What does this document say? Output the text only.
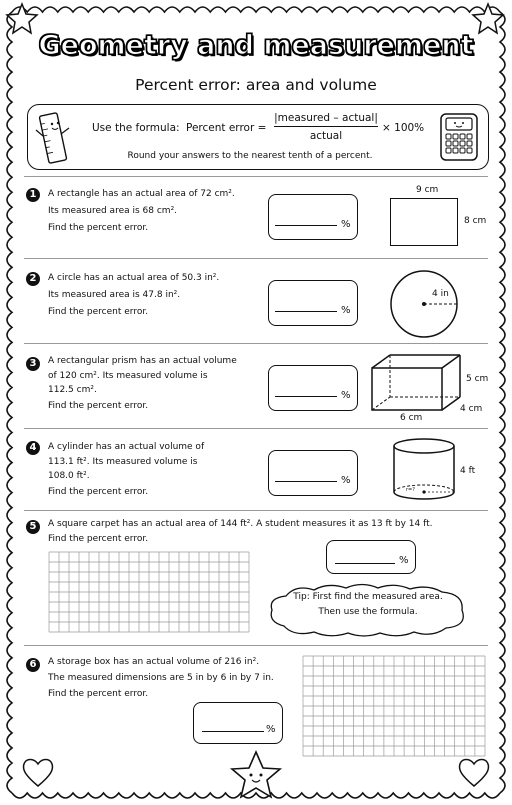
Geometry and measurement
Percent error: area and volume
Use the formula: Percent error =
|measured – actual|
actual
× 100%
Round your answers to the nearest tenth of a percent.
1	A rectangle has an actual area of 72 cm².
Its measured area is 68 cm².
Find the percent error.	%
9 cm
8 cm
2	A circle has an actual area of 50.3 in².
Its measured area is 47.8 in².
Find the percent error.	%
4 in
3	A rectangular prism has an actual volume
of 120 cm². Its measured volume is
112.5 cm².
Find the percent error.
%
5 cm
4 cm
6 cm
4	A cylinder has an actual volume of
113.1 ft². Its measured volume is
108.0 ft².
Find the percent error.
%
r=?
4 ft
5	A square carpet has an actual area of 144 ft². A student measures it as 13 ft by 14 ft.
Find the percent error.
%
Tip: First find the measured area.
Then use the formula.
6	A storage box has an actual volume of 216 in².
The measured dimensions are 5 in by 6 in by 7 in.
Find the percent error.
%
